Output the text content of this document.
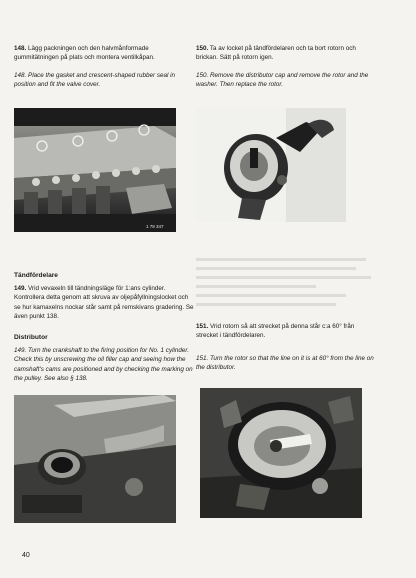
148. Lägg packningen och den halvmånformade gummitätningen på plats och montera ventilkåpan.

148. Place the gasket and crescent-shaped rubber seal in position and fit the valve cover.

1 78 347

Tändfördelare

149. Vrid vevaxeln till tändningsläge för 1:ans cylinder. Kontrollera detta genom att skruva av oljepåfyllningslocket och se hur kamaxelns nockar står samt på remskivans gradering. Se även punkt 138.

Distributor

149. Turn the crankshaft to the firing position for No. 1 cylinder. Check this by unscrewing the oil filler cap and seeing how the camshaft's cams are positioned and by checking the marking on the pulley. See also § 138.

150. Ta av locket på tändfördelaren och ta bort rotorn och brickan. Sätt på rotorn igen.

150. Remove the distributor cap and remove the rotor and the washer. Then replace the rotor.

151. Vrid rotorn så att strecket på denna står c:a 60° från strecket i tändfördelaren.

151. Turn the rotor so that the line on it is at 60° from the line on the distributor.

40
